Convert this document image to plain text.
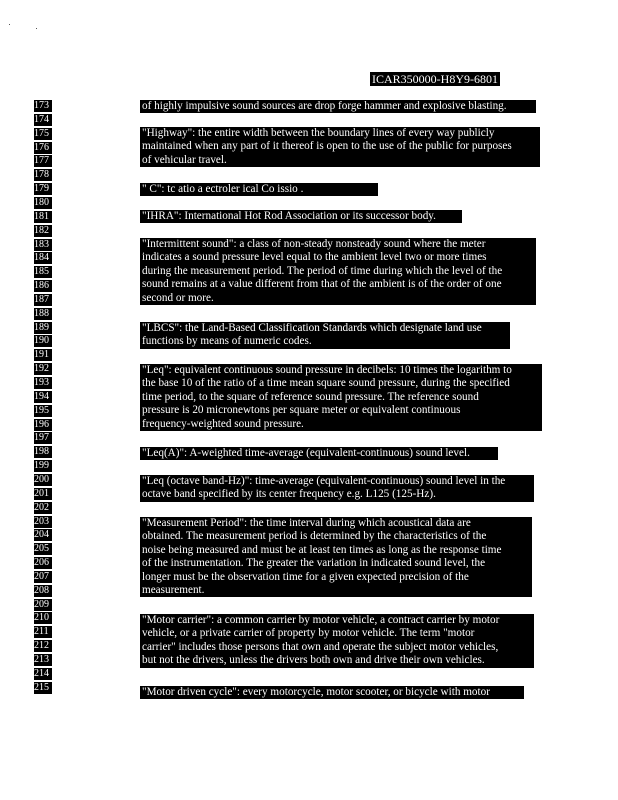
ICAR350000-H8Y9-6801
173
174
175
176
177
178
179
180
181
182
183
184
185
186
187
188
189
190
191
192
193
194
195
196
197
198
199
200
201
202
203
204
205
206
207
208
209
210
211
212
213
214
215
of highly impulsive sound sources are drop forge hammer and explosive blasting.
"Highway": the entire width between the boundary lines of every way publicly
maintained when any part of it thereof is open to the use of the public for purposes
of vehicular travel.
" C": tc atio a ectroler ical Co issio .
"IHRA": International Hot Rod Association or its successor body.
"Intermittent sound": a class of non-steady nonsteady sound where the meter
indicates a sound pressure level equal to the ambient level two or more times
during the measurement period. The period of time during which the level of the
sound remains at a value different from that of the ambient is of the order of one
second or more.
"LBCS": the Land-Based Classification Standards which designate land use
functions by means of numeric codes.
"Leq": equivalent continuous sound pressure in decibels: 10 times the logarithm to
the base 10 of the ratio of a time mean square sound pressure, during the specified
time period, to the square of reference sound pressure. The reference sound
pressure is 20 micronewtons per square meter or equivalent continuous
frequency-weighted sound pressure.
"Leq(A)": A-weighted time-average (equivalent-continuous) sound level.
"Leq (octave band-Hz)": time-average (equivalent-continuous) sound level in the
octave band specified by its center frequency e.g. L125 (125-Hz).
"Measurement Period": the time interval during which acoustical data are
obtained. The measurement period is determined by the characteristics of the
noise being measured and must be at least ten times as long as the response time
of the instrumentation. The greater the variation in indicated sound level, the
longer must be the observation time for a given expected precision of the
measurement.
"Motor carrier": a common carrier by motor vehicle, a contract carrier by motor
vehicle, or a private carrier of property by motor vehicle. The term "motor
carrier" includes those persons that own and operate the subject motor vehicles,
but not the drivers, unless the drivers both own and drive their own vehicles.
"Motor driven cycle": every motorcycle, motor scooter, or bicycle with motor
